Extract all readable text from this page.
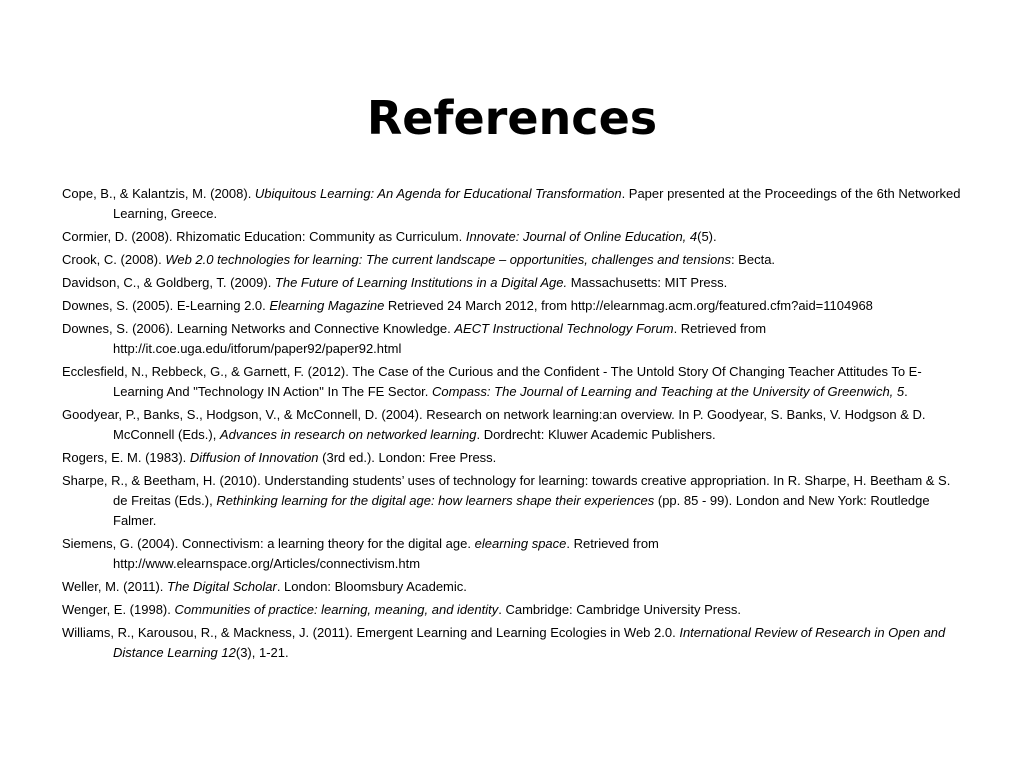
References
Cope, B., & Kalantzis, M. (2008). Ubiquitous Learning: An Agenda for Educational Transformation. Paper presented at the Proceedings of the 6th Networked Learning, Greece.
Cormier, D. (2008). Rhizomatic Education: Community as Curriculum. Innovate: Journal of Online Education, 4(5).
Crook, C. (2008). Web 2.0 technologies for learning: The current landscape – opportunities, challenges and tensions: Becta.
Davidson, C., & Goldberg, T. (2009). The Future of Learning Institutions in a Digital Age. Massachusetts: MIT Press.
Downes, S. (2005). E-Learning 2.0. Elearning Magazine Retrieved 24 March 2012, from http://elearnmag.acm.org/featured.cfm?aid=1104968
Downes, S. (2006). Learning Networks and Connective Knowledge. AECT Instructional Technology Forum. Retrieved from http://it.coe.uga.edu/itforum/paper92/paper92.html
Ecclesfield, N., Rebbeck, G., & Garnett, F. (2012). The Case of the Curious and the Confident - The Untold Story Of Changing Teacher Attitudes To E-Learning And "Technology IN Action" In The FE Sector. Compass: The Journal of Learning and Teaching at the University of Greenwich, 5.
Goodyear, P., Banks, S., Hodgson, V., & McConnell, D. (2004). Research on network learning:an overview. In P. Goodyear, S. Banks, V. Hodgson & D. McConnell (Eds.), Advances in research on networked learning. Dordrecht: Kluwer Academic Publishers.
Rogers, E. M. (1983). Diffusion of Innovation (3rd ed.). London: Free Press.
Sharpe, R., & Beetham, H. (2010). Understanding students’ uses of technology for learning: towards creative appropriation. In R. Sharpe, H. Beetham & S. de Freitas (Eds.), Rethinking learning for the digital age: how learners shape their experiences (pp. 85 - 99). London and New York: Routledge Falmer.
Siemens, G. (2004). Connectivism: a learning theory for the digital age. elearning space. Retrieved from http://www.elearnspace.org/Articles/connectivism.htm
Weller, M. (2011). The Digital Scholar. London: Bloomsbury Academic.
Wenger, E. (1998). Communities of practice: learning, meaning, and identity. Cambridge: Cambridge University Press.
Williams, R., Karousou, R., & Mackness, J. (2011). Emergent Learning and Learning Ecologies in Web 2.0. International Review of Research in Open and Distance Learning 12(3), 1-21.
